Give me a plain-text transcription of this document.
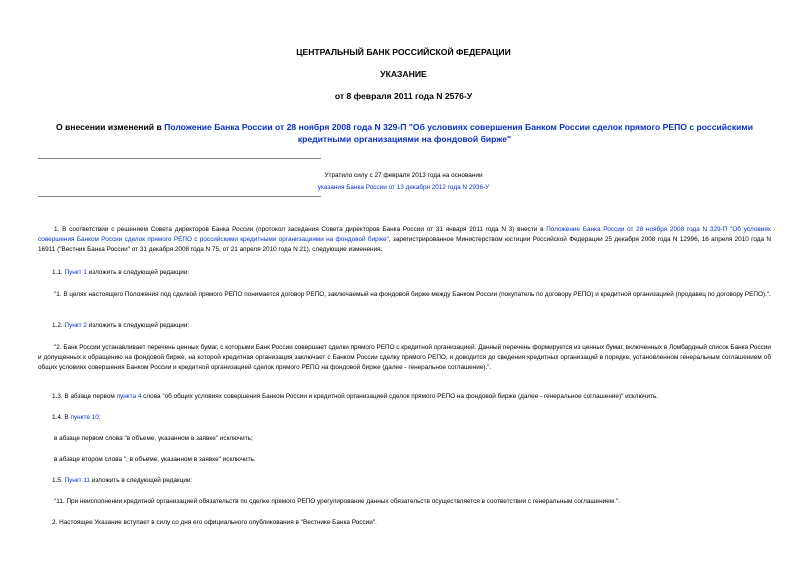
ЦЕНТРАЛЬНЫЙ БАНК РОССИЙСКОЙ ФЕДЕРАЦИИ

УКАЗАНИЕ

от 8 февраля 2011 года N 2576-У

О внесении изменений в Положение Банка России от 28 ноября 2008 года N 329-П "Об условиях совершения Банком России сделок прямого РЕПО с российскими кредитными организациями на фондовой бирже"

Утратило силу с 27 февраля 2013 года на основании
указания Банка России от 13 декабря 2012 года N 2936-У

1. В соответствии с решением Совета директоров Банка России (протокол заседания Совета директоров Банка России от 31 января 2011 года N 3) внести в Положение Банка России от 28 ноября 2008 года N 329-П "Об условиях совершения Банком России сделок прямого РЕПО с российскими кредитными организациями на фондовой бирже", зарегистрированное Министерством юстиции Российской Федерации 25 декабря 2008 года N 12996, 16 апреля 2010 года N 16911 ("Вестник Банка России" от 31 декабря 2008 года N 75, от 21 апреля 2010 года N 21), следующие изменения.

1.1. Пункт 1 изложить в следующей редакции:

"1. В целях настоящего Положения под сделкой прямого РЕПО понимается договор РЕПО, заключаемый на фондовой бирже между Банком России (покупатель по договору РЕПО) и кредитной организацией (продавец по договору РЕПО).".

1.2. Пункт 2 изложить в следующей редакции:

"2. Банк России устанавливает перечень ценных бумаг, с которыми Банк России совершает сделки прямого РЕПО с кредитной организацией. Данный перечень формируется из ценных бумаг, включенных в Ломбардный список Банка России и допущенных к обращению на фондовой бирже, на которой кредитная организация заключает с Банком России сделку прямого РЕПО, и доводится до сведения кредитных организаций в порядке, установленном генеральным соглашением об общих условиях совершения Банком России и кредитной организацией сделок прямого РЕПО на фондовой бирже (далее - генеральное соглашение).".

1.3. В абзаце первом пункта 4 слова "об общих условиях совершения Банком России и кредитной организацией сделок прямого РЕПО на фондовой бирже (далее - генеральное соглашение)" исключить.

1.4. В пункте 10:

в абзаце первом слова "в объеме, указанном в заявке" исключить;

в абзаце втором слова ", в объеме, указанном в заявке" исключить.

1.5. Пункт 11 изложить в следующей редакции:

"11. При неисполнении кредитной организацией обязательств по сделке прямого РЕПО урегулирование данных обязательств осуществляется в соответствии с генеральным соглашением.".

2. Настоящее Указание вступает в силу со дня его официального опубликования в "Вестнике Банка России".
